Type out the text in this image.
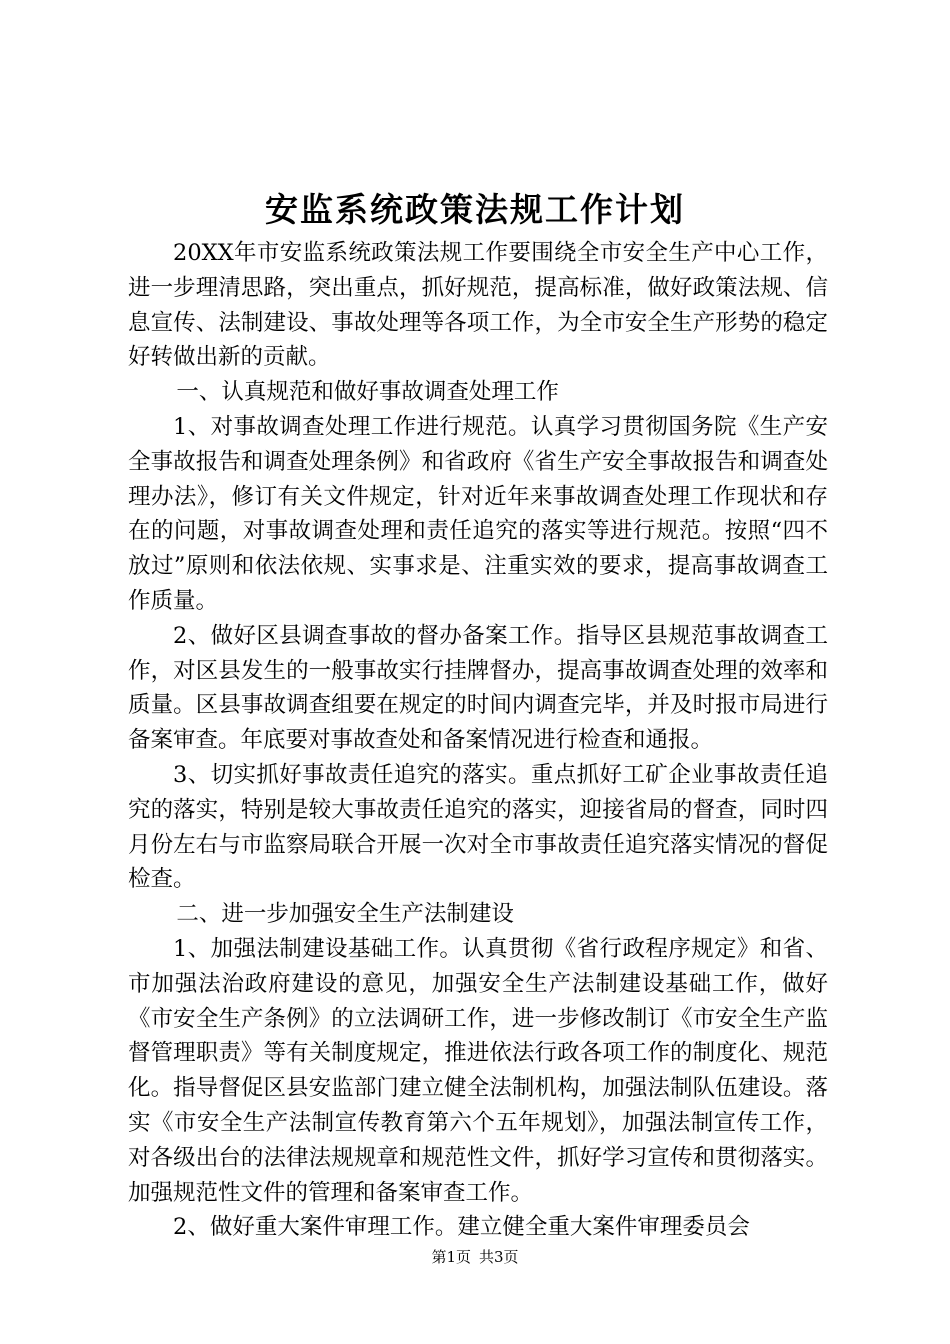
安监系统政策法规工作计划

20XX年市安监系统政策法规工作要围绕全市安全生产中心工作，进一步理清思路，突出重点，抓好规范，提高标准，做好政策法规、信息宣传、法制建设、事故处理等各项工作，为全市安全生产形势的稳定好转做出新的贡献。

一、认真规范和做好事故调查处理工作

1、对事故调查处理工作进行规范。认真学习贯彻国务院《生产安全事故报告和调查处理条例》和省政府《省生产安全事故报告和调查处理办法》，修订有关文件规定，针对近年来事故调查处理工作现状和存在的问题，对事故调查处理和责任追究的落实等进行规范。按照“四不放过”原则和依法依规、实事求是、注重实效的要求，提高事故调查工作质量。

2、做好区县调查事故的督办备案工作。指导区县规范事故调查工作，对区县发生的一般事故实行挂牌督办，提高事故调查处理的效率和质量。区县事故调查组要在规定的时间内调查完毕，并及时报市局进行备案审查。年底要对事故查处和备案情况进行检查和通报。

3、切实抓好事故责任追究的落实。重点抓好工矿企业事故责任追究的落实，特别是较大事故责任追究的落实，迎接省局的督查，同时四月份左右与市监察局联合开展一次对全市事故责任追究落实情况的督促检查。

二、进一步加强安全生产法制建设

1、加强法制建设基础工作。认真贯彻《省行政程序规定》和省、市加强法治政府建设的意见，加强安全生产法制建设基础工作，做好《市安全生产条例》的立法调研工作，进一步修改制订《市安全生产监督管理职责》等有关制度规定，推进依法行政各项工作的制度化、规范化。指导督促区县安监部门建立健全法制机构，加强法制队伍建设。落实《市安全生产法制宣传教育第六个五年规划》，加强法制宣传工作，对各级出台的法律法规规章和规范性文件，抓好学习宣传和贯彻落实。加强规范性文件的管理和备案审查工作。

2、做好重大案件审理工作。建立健全重大案件审理委员会

第1页 共3页
